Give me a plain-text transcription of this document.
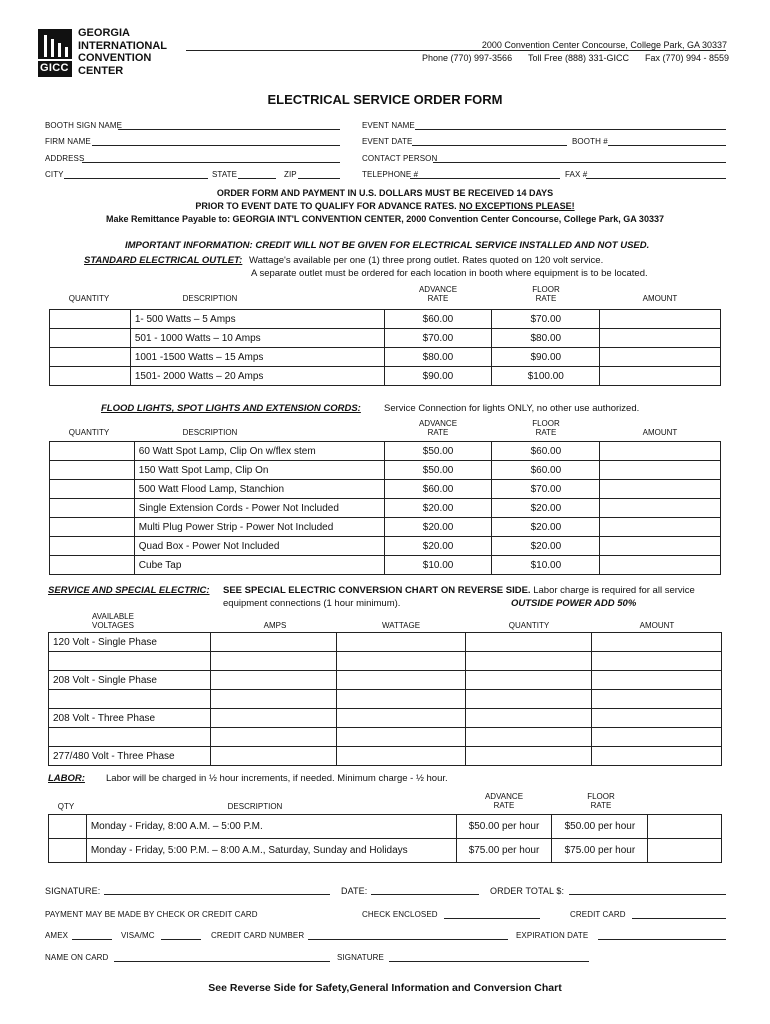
GICC
GEORGIA
INTERNATIONAL
CONVENTION
CENTER
2000 Convention Center Concourse, College Park, GA 30337
Phone (770) 997-3566 Toll Free (888) 331-GICC Fax (770) 994 - 8559
ELECTRICAL SERVICE ORDER FORM
BOOTH SIGN NAME
FIRM NAME
ADDRESS
CITY	STATE	ZIP
EVENT NAME
EVENT DATE	BOOTH #
CONTACT PERSON
TELEPHONE #	FAX #
ORDER FORM AND PAYMENT IN U.S. DOLLARS MUST BE RECEIVED 14 DAYS
PRIOR TO EVENT DATE TO QUALIFY FOR ADVANCE RATES. NO EXCEPTIONS PLEASE!
Make Remittance Payable to: GEORGIA INT'L CONVENTION CENTER, 2000 Convention Center Concourse, College Park, GA 30337
IMPORTANT INFORMATION: CREDIT WILL NOT BE GIVEN FOR ELECTRICAL SERVICE INSTALLED AND NOT USED.
STANDARD ELECTRICAL OUTLET: Wattage's available per one (1) three prong outlet. Rates quoted on 120 volt service.
A separate outlet must be ordered for each location in booth where equipment is to be located.
QUANTITY	DESCRIPTION
ADVANCE
RATE
FLOOR
RATE	AMOUNT
	1- 500 Watts – 5 Amps	$60.00	$70.00	
	501 - 1000 Watts – 10 Amps	$70.00	$80.00	
	1001 -1500 Watts – 15 Amps	$80.00	$90.00	
	1501- 2000 Watts – 20 Amps	$90.00	$100.00	
FLOOD LIGHTS, SPOT LIGHTS AND EXTENSION CORDS: Service Connection for lights ONLY, no other use authorized.
QUANTITY	DESCRIPTION
ADVANCE
RATE
FLOOR
RATE	AMOUNT
	60 Watt Spot Lamp, Clip On w/flex stem	$50.00	$60.00	
	150 Watt Spot Lamp, Clip On	$50.00	$60.00	
	500 Watt Flood Lamp, Stanchion	$60.00	$70.00	
	Single Extension Cords - Power Not Included	$20.00	$20.00	
	Multi Plug Power Strip - Power Not Included	$20.00	$20.00	
	Quad Box - Power Not Included	$20.00	$20.00	
	Cube Tap	$10.00	$10.00	
SERVICE AND SPECIAL ELECTRIC: SEE SPECIAL ELECTRIC CONVERSION CHART ON REVERSE SIDE. Labor charge is required for all service
equipment connections (1 hour minimum).	OUTSIDE POWER ADD 50%
AVAILABLE
VOLTAGES	AMPS	WATTAGE	QUANTITY	AMOUNT
120 Volt - Single Phase				

208 Volt - Single Phase				

208 Volt - Three Phase				

277/480 Volt - Three Phase				
LABOR: Labor will be charged in ½ hour increments, if needed. Minimum charge - ½ hour.
QTY	DESCRIPTION
ADVANCE
RATE
FLOOR
RATE
	Monday - Friday, 8:00 A.M. – 5:00 P.M.	$50.00 per hour	$50.00 per hour	
	Monday - Friday, 5:00 P.M. – 8:00 A.M., Saturday, Sunday and Holidays	$75.00 per hour	$75.00 per hour	
SIGNATURE:	DATE:	ORDER TOTAL $:
PAYMENT MAY BE MADE BY CHECK OR CREDIT CARD	CHECK ENCLOSED	CREDIT CARD
AMEX	VISA/MC	CREDIT CARD NUMBER	EXPIRATION DATE
NAME ON CARD	SIGNATURE
See Reverse Side for Safety,General Information and Conversion Chart
